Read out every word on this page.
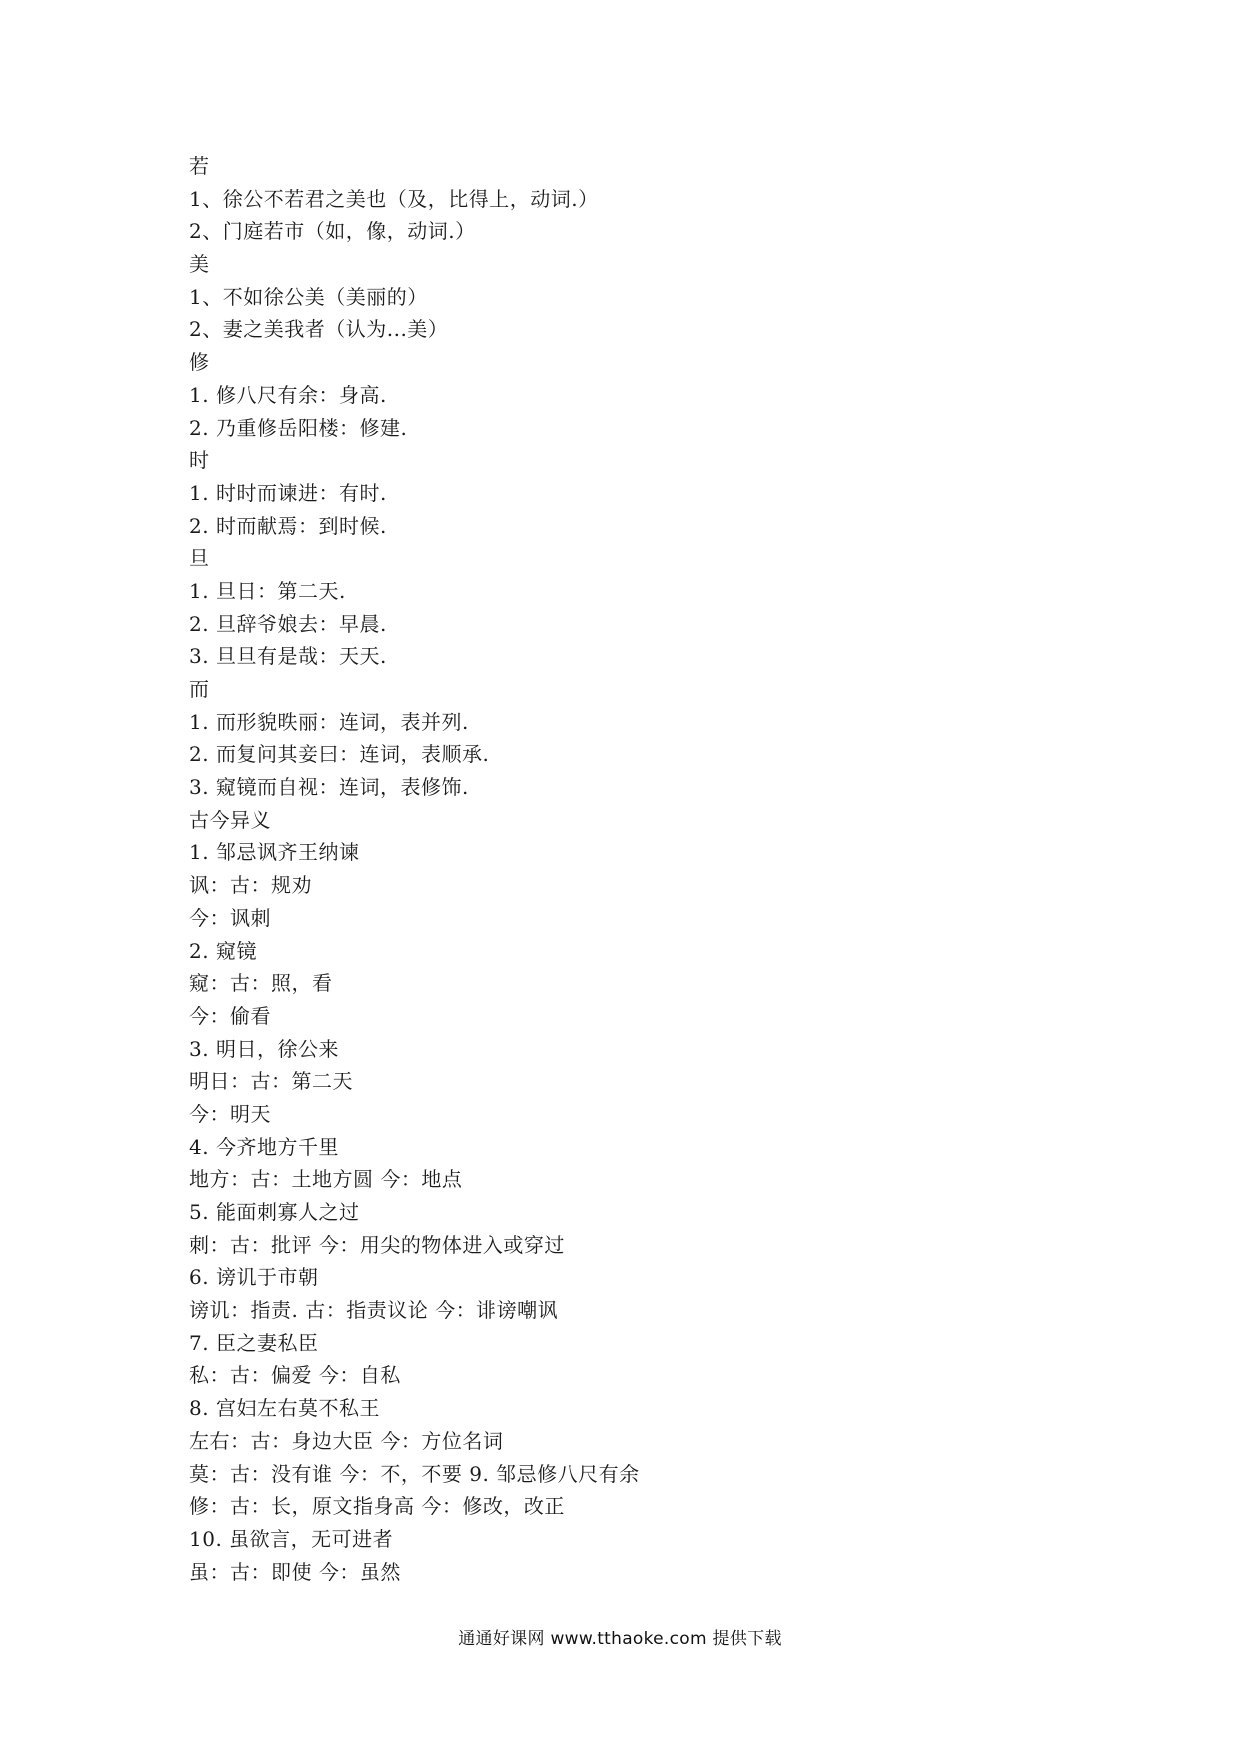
若
1、徐公不若君之美也（及，比得上，动词.）
2、门庭若市（如，像，动词.）
美
1、不如徐公美（美丽的）
2、妻之美我者（认为...美）
修
1. 修八尺有余：身高.
2. 乃重修岳阳楼：修建.
时
1. 时时而谏进：有时.
2. 时而献焉：到时候.
旦
1. 旦日：第二天.
2. 旦辞爷娘去：早晨.
3. 旦旦有是哉：天天.
而
1. 而形貌昳丽：连词，表并列.
2. 而复问其妾曰：连词，表顺承.
3. 窥镜而自视：连词，表修饰.
古今异义
1. 邹忌讽齐王纳谏
讽：古：规劝
今：讽刺
2. 窥镜
窥：古：照，看
今：偷看
3. 明日，徐公来
明日：古：第二天
今：明天
4. 今齐地方千里
地方：古：土地方圆 今：地点
5. 能面刺寡人之过
刺：古：批评 今：用尖的物体进入或穿过
6. 谤讥于市朝
谤讥：指责. 古：指责议论 今：诽谤嘲讽
7. 臣之妻私臣
私：古：偏爱 今：自私
8. 宫妇左右莫不私王
左右：古：身边大臣 今：方位名词
莫：古：没有谁 今：不，不要 9. 邹忌修八尺有余
修：古：长，原文指身高 今：修改，改正
10. 虽欲言，无可进者
虽：古：即使 今：虽然
通通好课网 www.tthaoke.com 提供下载
